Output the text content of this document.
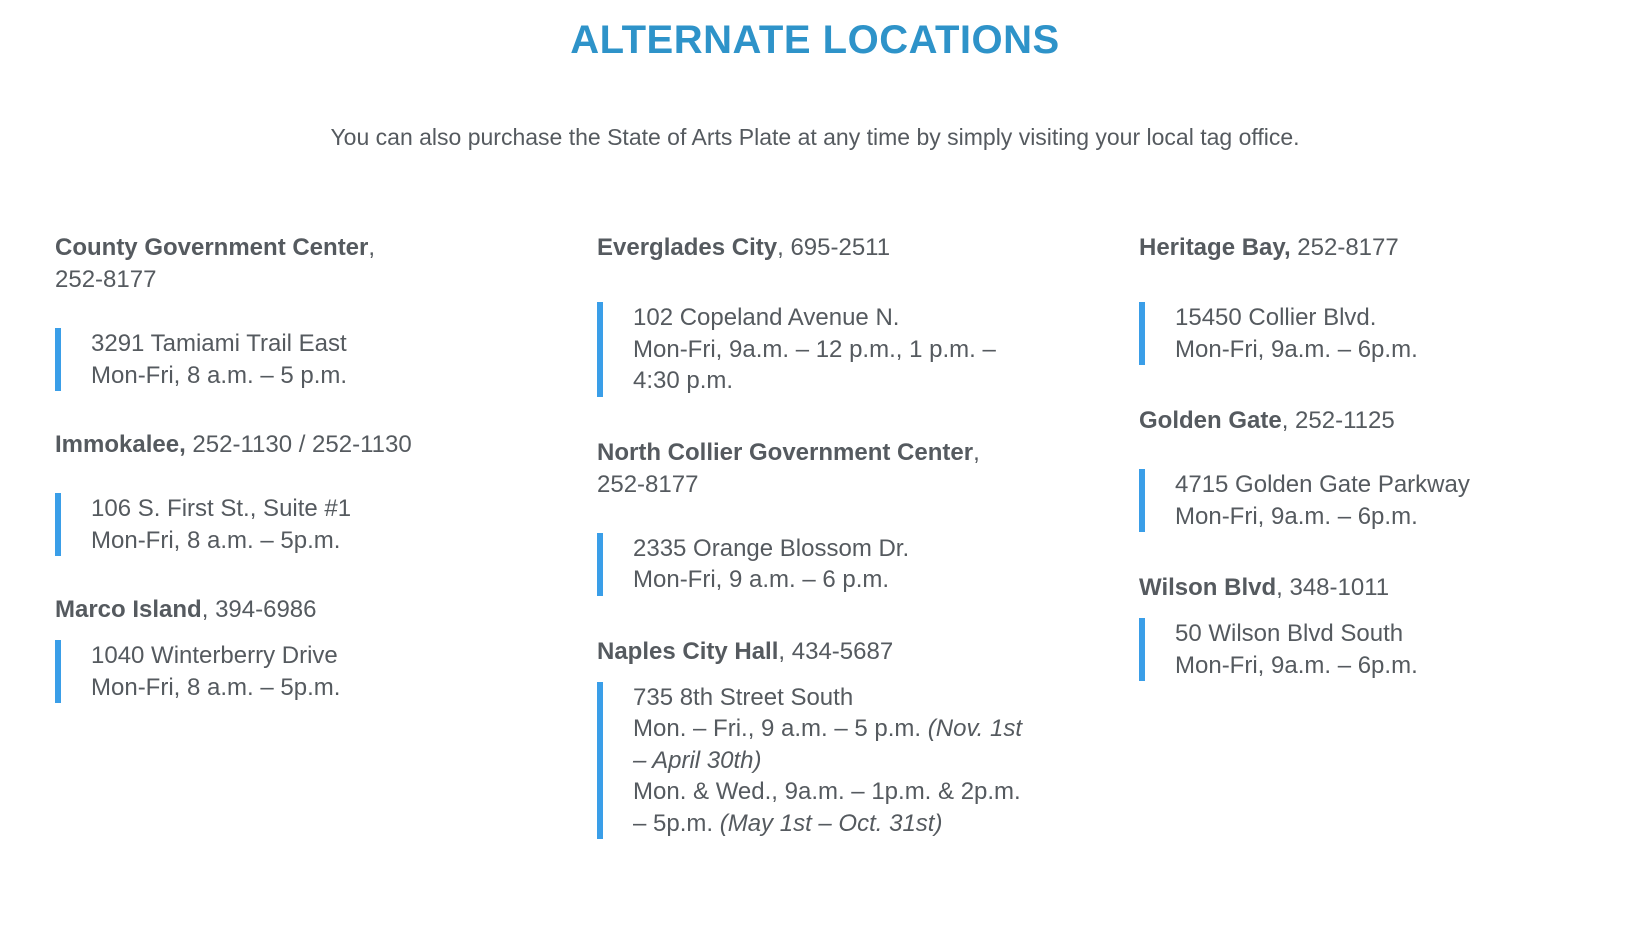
ALTERNATE LOCATIONS

You can also purchase the State of Arts Plate at any time by simply visiting your local tag office.

County Government Center,
252-8177
3291 Tamiami Trail East
Mon-Fri, 8 a.m. – 5 p.m.
Immokalee, 252-1130 / 252-1130
106 S. First St., Suite #1
Mon-Fri, 8 a.m. – 5p.m.
Marco Island, 394-6986
1040 Winterberry Drive
Mon-Fri, 8 a.m. – 5p.m.
Everglades City, 695-2511
102 Copeland Avenue N.
Mon-Fri, 9a.m. – 12 p.m., 1 p.m. – 4:30 p.m.
North Collier Government Center,
252-8177
2335 Orange Blossom Dr.
Mon-Fri, 9 a.m. – 6 p.m.
Naples City Hall, 434-5687
735 8th Street South
Mon. – Fri., 9 a.m. – 5 p.m. (Nov. 1st – April 30th)
Mon. & Wed., 9a.m. – 1p.m. & 2p.m. – 5p.m. (May 1st – Oct. 31st)
Heritage Bay, 252-8177
15450 Collier Blvd.
Mon-Fri, 9a.m. – 6p.m.
Golden Gate, 252-1125
4715 Golden Gate Parkway
Mon-Fri, 9a.m. – 6p.m.
Wilson Blvd, 348-1011
50 Wilson Blvd South
Mon-Fri, 9a.m. – 6p.m.
